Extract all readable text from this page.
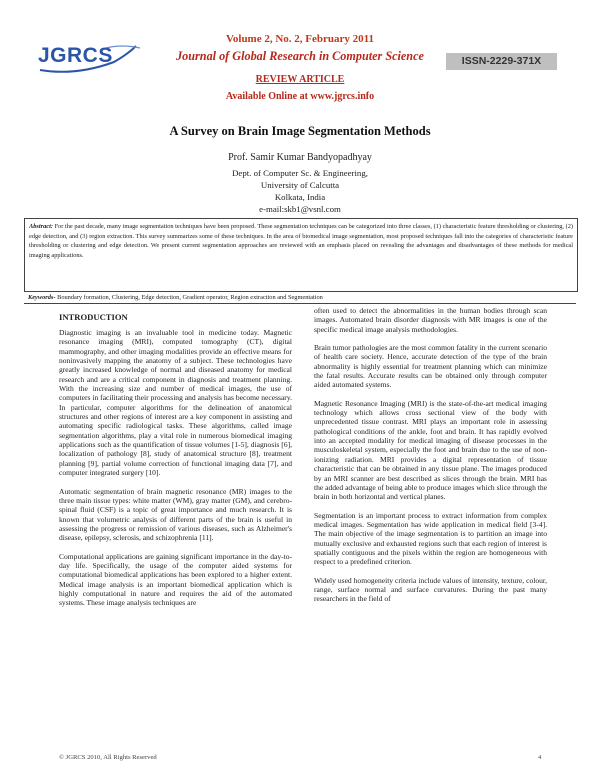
JGRCS
Volume 2, No. 2, February 2011
Journal of Global Research in Computer Science	ISSN-2229-371X
REVIEW ARTICLE
Available Online at www.jgrcs.info
A Survey on Brain Image Segmentation Methods
Prof. Samir Kumar Bandyopadhyay
Dept. of Computer Sc. & Engineering,
University of Calcutta
Kolkata, India
e-mail:skb1@vsnl.com
Abstract: For the past decade, many image segmentation techniques have been proposed. These segmentation techniques can be categorized into three classes, (1) characteristic feature thresholding or clustering, (2) edge detection, and (3) region extraction. This survey summarizes some of these techniques. In the area of biomedical image segmentation, most proposed techniques fall into the categories of characteristic feature thresholding or clustering and edge detection. We present current segmentation approaches are reviewed with an emphasis placed on revealing the advantages and disadvantages of these methods for medical imaging applications.
Keywords- Boundary formation, Clustering, Edge detection, Gradient operator, Region extraction and Segmentation
INTRODUCTION

Diagnostic imaging is an invaluable tool in medicine today. Magnetic resonance imaging (MRI), computed tomography (CT), digital mammography, and other imaging modalities provide an effective means for noninvasively mapping the anatomy of a subject. These technologies have greatly increased knowledge of normal and diseased anatomy for medical research and are a critical component in diagnosis and treatment planning. With the increasing size and number of medical images, the use of computers in facilitating their processing and analysis has become necessary. In particular, computer algorithms for the delineation of anatomical structures and other regions of interest are a key component in assisting and automating specific radiological tasks. These algorithms, called image segmentation algorithms, play a vital role in numerous biomedical imaging applications such as the quantification of tissue volumes [1-5], diagnosis [6], localization of pathology [8], study of anatomical structure [8], treatment planning [9], partial volume correction of functional imaging data [7], and computer integrated surgery [10].

Automatic segmentation of brain magnetic resonance (MR) images to the three main tissue types: white matter (WM), gray matter (GM), and cerebro-spinal fluid (CSF) is a topic of great importance and much research. It is known that volumetric analysis of different parts of the brain is useful in assessing the progress or remission of various diseases, such as Alzheimer's disease, epilepsy, sclerosis, and schizophrenia [11].

Computational applications are gaining significant importance in the day-to-day life. Specifically, the usage of the computer aided systems for computational biomedical applications has been explored to a higher extent. Medical image analysis is an important biomedical application which is highly computational in nature and requires the aid of the automated systems. These image analysis techniques are

often used to detect the abnormalities in the human bodies through scan images. Automated brain disorder diagnosis with MR images is one of the specific medical image analysis methodologies.

Brain tumor pathologies are the most common fatality in the current scenario of health care society. Hence, accurate detection of the type of the brain abnormality is highly essential for treatment planning which can minimize the fatal results. Accurate results can be obtained only through computer aided automated systems.

Magnetic Resonance Imaging (MRI) is the state-of-the-art medical imaging technology which allows cross sectional view of the body with unprecedented tissue contrast. MRI plays an important role in assessing pathological conditions of the ankle, foot and brain. It has rapidly evolved into an accepted modality for medical imaging of disease processes in the musculoskeletal system, especially the foot and brain due to the use of non-ionizing radiation. MRI provides a digital representation of tissue characteristic that can be obtained in any tissue plane. The images produced by an MRI scanner are best described as slices through the brain. MRI has the added advantage of being able to produce images which slice through the brain in both horizontal and vertical planes.

Segmentation is an important process to extract information from complex medical images. Segmentation has wide application in medical field [3-4]. The main objective of the image segmentation is to partition an image into mutually exclusive and exhausted regions such that each region of interest is spatially contiguous and the pixels within the region are homogeneous with respect to a predefined criterion.

Widely used homogeneity criteria include values of intensity, texture, colour, range, surface normal and surface curvatures. During the past many researchers in the field of

© JGRCS 2010, All Rights Reserved	4
